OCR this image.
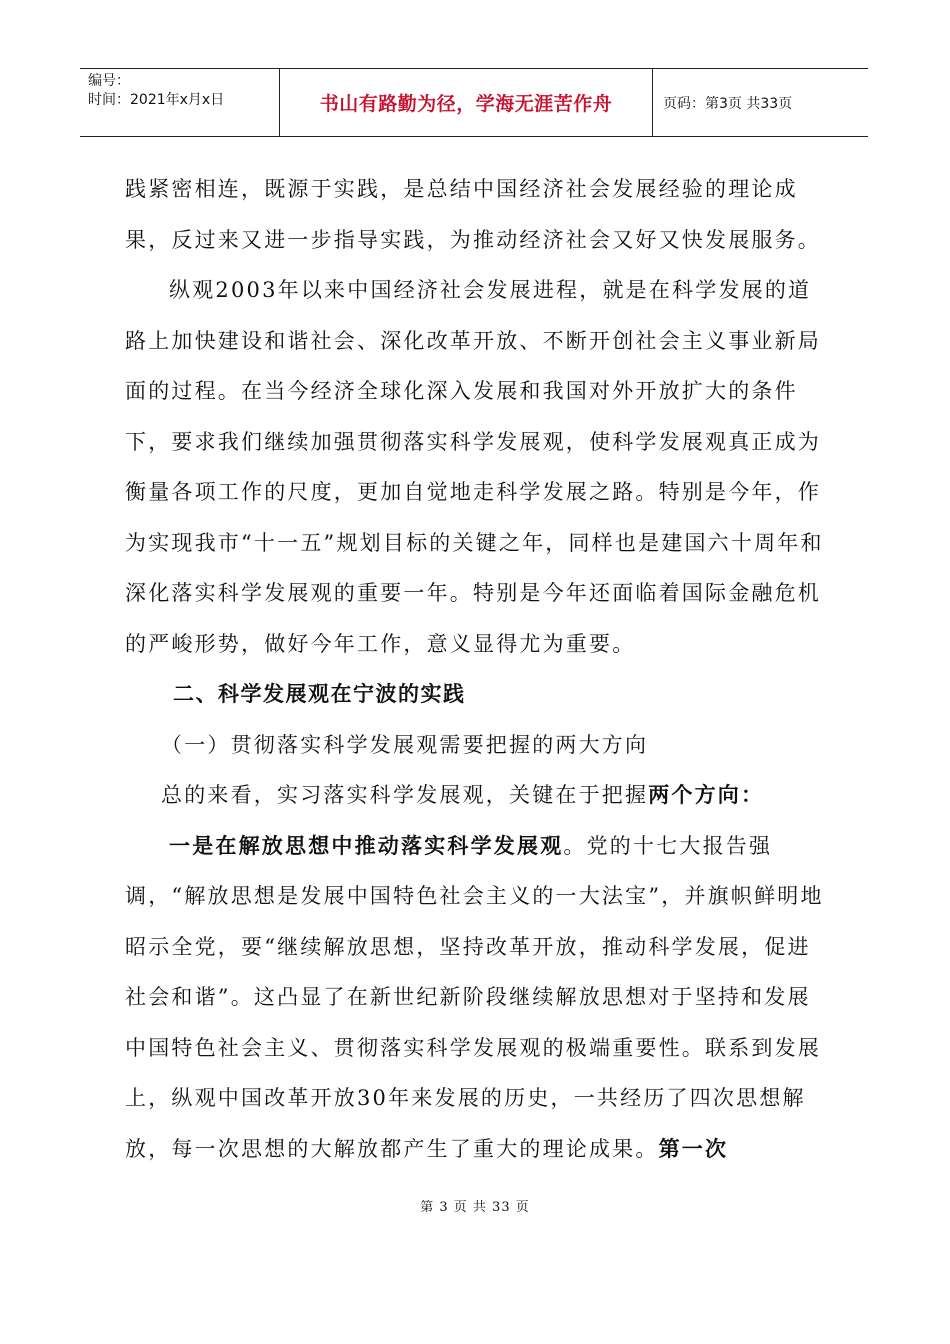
编号：
时间：2021年x月x日	书山有路勤为径，学海无涯苦作舟	页码：第3页 共33页

践紧密相连，既源于实践，是总结中国经济社会发展经验的理论成果，反过来又进一步指导实践，为推动经济社会又好又快发展服务。

纵观2003年以来中国经济社会发展进程，就是在科学发展的道路上加快建设和谐社会、深化改革开放、不断开创社会主义事业新局面的过程。在当今经济全球化深入发展和我国对外开放扩大的条件下，要求我们继续加强贯彻落实科学发展观，使科学发展观真正成为衡量各项工作的尺度，更加自觉地走科学发展之路。特别是今年，作为实现我市“十一五”规划目标的关键之年，同样也是建国六十周年和深化落实科学发展观的重要一年。特别是今年还面临着国际金融危机的严峻形势，做好今年工作，意义显得尤为重要。

二、科学发展观在宁波的实践

（一）贯彻落实科学发展观需要把握的两大方向

总的来看，实习落实科学发展观，关键在于把握两个方向：

一是在解放思想中推动落实科学发展观。党的十七大报告强调，“解放思想是发展中国特色社会主义的一大法宝”，并旗帜鲜明地昭示全党，要“继续解放思想，坚持改革开放，推动科学发展，促进社会和谐”。这凸显了在新世纪新阶段继续解放思想对于坚持和发展中国特色社会主义、贯彻落实科学发展观的极端重要性。联系到发展上，纵观中国改革开放30年来发展的历史，一共经历了四次思想解放，每一次思想的大解放都产生了重大的理论成果。第一次

第 3 页 共 33 页
